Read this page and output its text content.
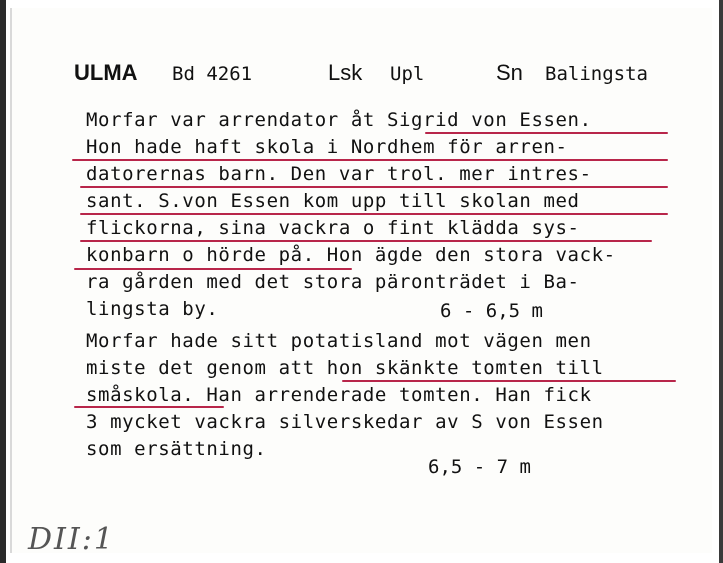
ULMA Bd 4261	Lsk Upl	Sn Balingsta
Morfar var arrendator åt Sigrid von Essen.
Hon hade haft skola i Nordhem för arren-
datorernas barn. Den var trol. mer intres-
sant. S.von Essen kom upp till skolan med
flickorna, sina vackra o fint klädda sys-
konbarn o hörde på. Hon ägde den stora vack-
ra gården med det stora päronträdet i Ba-
lingsta by.
Morfar hade sitt potatisland mot vägen men
miste det genom att hon skänkte tomten till
småskola. Han arrenderade tomten. Han fick
3 mycket vackra silverskedar av S von Essen
som ersättning.
6 - 6,5 m
6,5 - 7 m
DII:1
